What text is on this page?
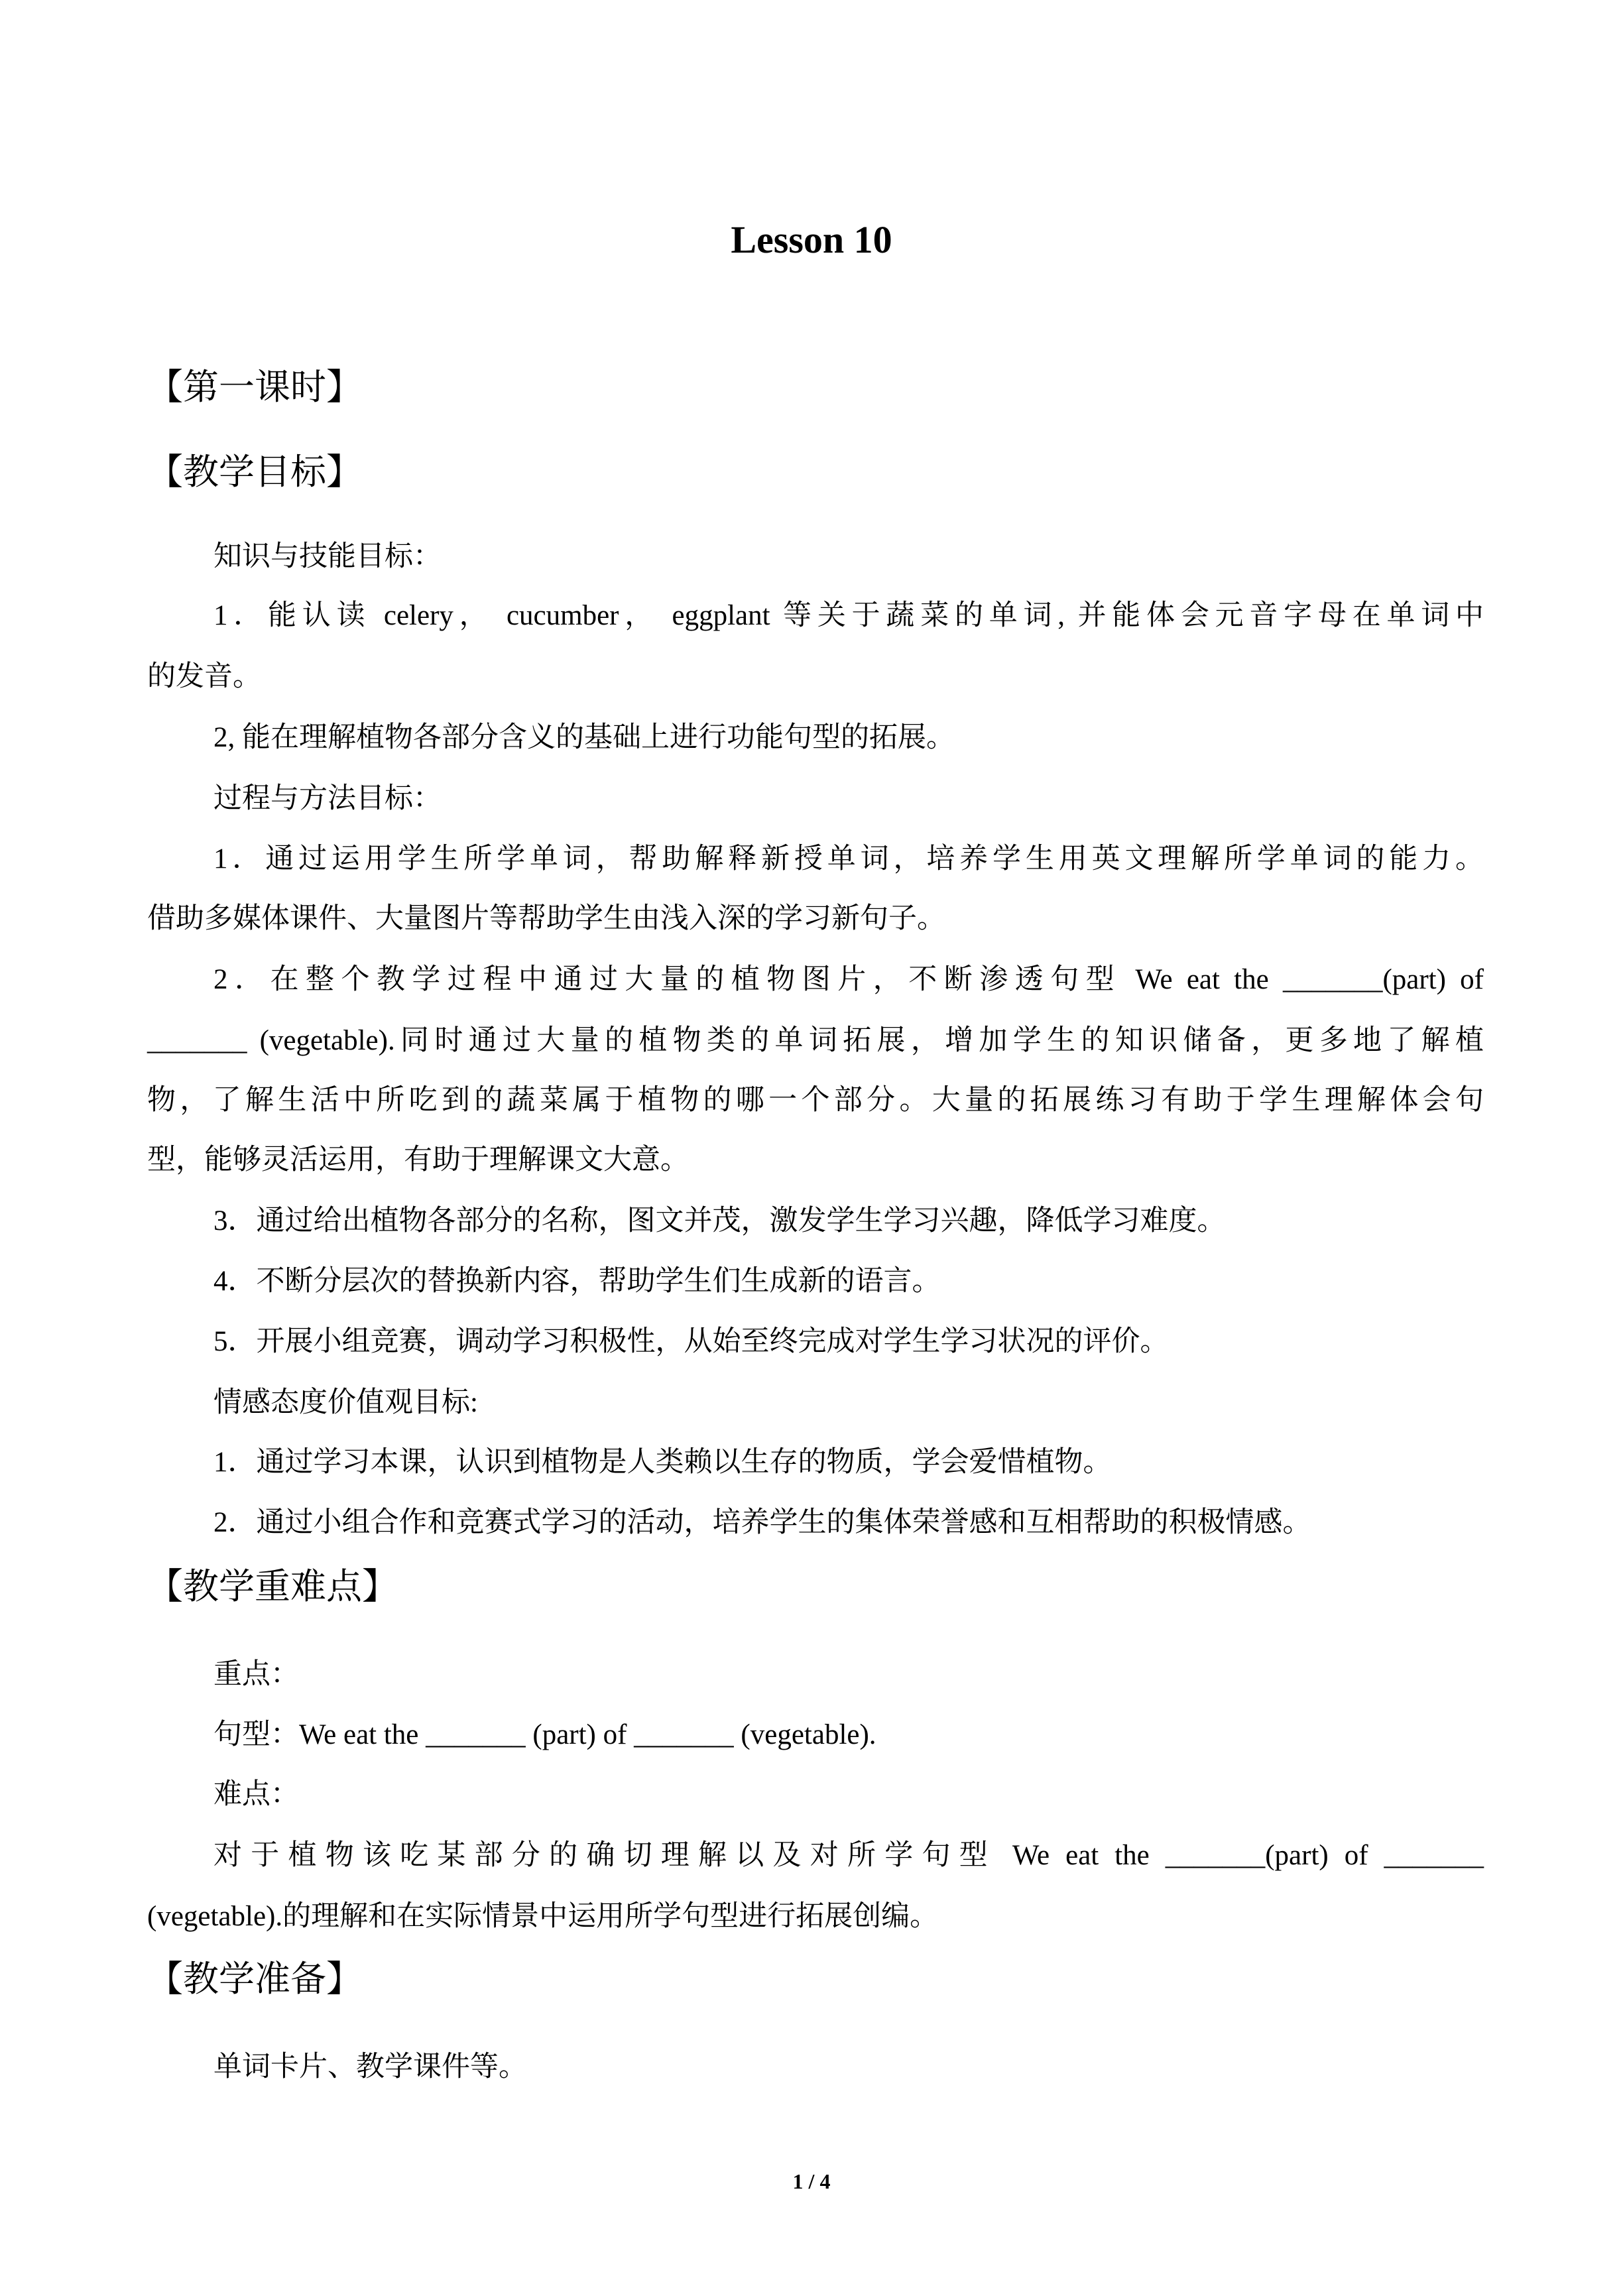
Lesson 10
【第一课时】
【教学目标】
知识与技能目标：
1．能认读 celery， cucumber， eggplant 等关于蔬菜的单词, 并能体会元音字母在单词中
的发音。
2, 能在理解植物各部分含义的基础上进行功能句型的拓展。
过程与方法目标：
1．通过运用学生所学单词，帮助解释新授单词，培养学生用英文理解所学单词的能力。
借助多媒体课件、大量图片等帮助学生由浅入深的学习新句子。
2．在整个教学过程中通过大量的植物图片，不断渗透句型 We eat the _______(part) of
_______ (vegetable).同时通过大量的植物类的单词拓展，增加学生的知识储备，更多地了解植
物，了解生活中所吃到的蔬菜属于植物的哪一个部分。大量的拓展练习有助于学生理解体会句
型，能够灵活运用，有助于理解课文大意。
3．通过给出植物各部分的名称，图文并茂，激发学生学习兴趣，降低学习难度。
4．不断分层次的替换新内容，帮助学生们生成新的语言。
5．开展小组竞赛，调动学习积极性，从始至终完成对学生学习状况的评价。
情感态度价值观目标:
1．通过学习本课，认识到植物是人类赖以生存的物质，学会爱惜植物。
2．通过小组合作和竞赛式学习的活动，培养学生的集体荣誉感和互相帮助的积极情感。
【教学重难点】
重点：
句型：We eat the _______ (part) of _______ (vegetable).
难点：
对于植物该吃某部分的确切理解以及对所学句型 We eat the _______(part) of _______
(vegetable).的理解和在实际情景中运用所学句型进行拓展创编。
【教学准备】
单词卡片、教学课件等。
1 / 4
